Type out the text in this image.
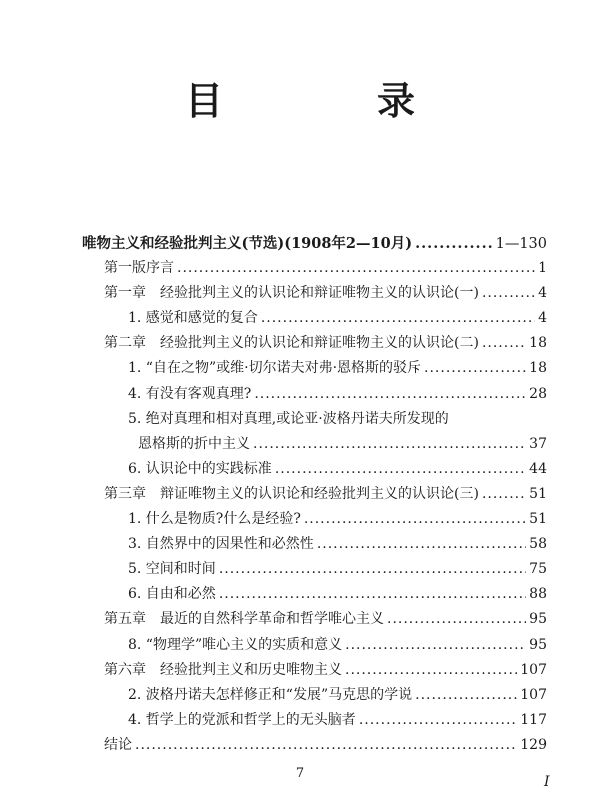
目　录
唯物主义和经验批判主义(节选)(1908年2—10月) .....	1—130
第一版序言 .....	1
第一章　经验批判主义的认识论和辩证唯物主义的认识论(一) .....	4
1. 感觉和感觉的复合 .....	4
第二章　经验批判主义的认识论和辩证唯物主义的认识论(二) .....	18
1. “自在之物”或维·切尔诺夫对弗·恩格斯的驳斥 .....	18
4. 有没有客观真理? .....	28
5. 绝对真理和相对真理,或论亚·波格丹诺夫所发现的
恩格斯的折中主义 .....	37
6. 认识论中的实践标准 .....	44
第三章　辩证唯物主义的认识论和经验批判主义的认识论(三) .....	51
1. 什么是物质?什么是经验? .....	51
3. 自然界中的因果性和必然性 .....	58
5. 空间和时间 .....	75
6. 自由和必然 .....	88
第五章　最近的自然科学革命和哲学唯心主义 .....	95
8. “物理学”唯心主义的实质和意义 .....	95
第六章　经验批判主义和历史唯物主义 .....	107
2. 波格丹诺夫怎样修正和“发展”马克思的学说 .....	107
4. 哲学上的党派和哲学上的无头脑者 .....	117
结论 .....	129
7
I
